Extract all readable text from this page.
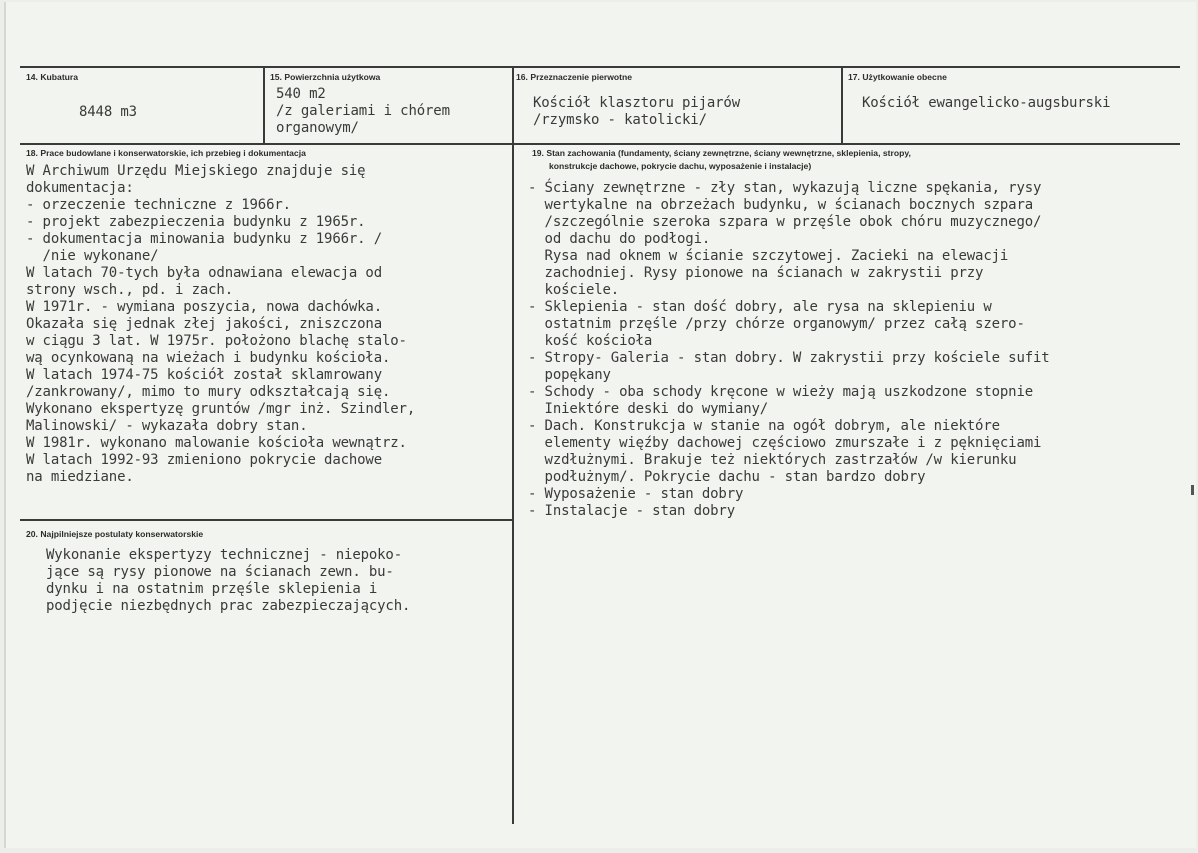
14. Kubatura
8448 m3
15. Powierzchnia użytkowa
540 m2
/z galeriami i chórem
organowym/
16. Przeznaczenie pierwotne
Kościół klasztoru pijarów
/rzymsko - katolicki/
17. Użytkowanie obecne
Kościół ewangelicko-augsburski
18. Prace budowlane i konserwatorskie, ich przebieg i dokumentacja
W Archiwum Urzędu Miejskiego znajduje się
dokumentacja:
- orzeczenie techniczne z 1966r.
- projekt zabezpieczenia budynku z 1965r.
- dokumentacja minowania budynku z 1966r. /
/nie wykonane/
W latach 70-tych była odnawiana elewacja od
strony wsch., pd. i zach.
W 1971r. - wymiana poszycia, nowa dachówka.
Okazała się jednak złej jakości, zniszczona
w ciągu 3 lat. W 1975r. położono blachę stalo-
wą ocynkowaną na wieżach i budynku kościoła.
W latach 1974-75 kościół został sklamrowany
/zankrowany/, mimo to mury odkształcają się.
Wykonano ekspertyzę gruntów /mgr inż. Szindler,
Malinowski/ - wykazała dobry stan.
W 1981r. wykonano malowanie kościoła wewnątrz.
W latach 1992-93 zmieniono pokrycie dachowe
na miedziane.
19. Stan zachowania (fundamenty, ściany zewnętrzne, ściany wewnętrzne, sklepienia, stropy,
konstrukcje dachowe, pokrycie dachu, wyposażenie i instalacje)
- Ściany zewnętrzne - zły stan, wykazują liczne spękania, rysy
wertykalne na obrzeżach budynku, w ścianach bocznych szpara
/szczególnie szeroka szpara w przęśle obok chóru muzycznego/
od dachu do podłogi.
Rysa nad oknem w ścianie szczytowej. Zacieki na elewacji
zachodniej. Rysy pionowe na ścianach w zakrystii przy
kościele.
- Sklepienia - stan dość dobry, ale rysa na sklepieniu w
ostatnim przęśle /przy chórze organowym/ przez całą szero-
kość kościoła
- Stropy- Galeria - stan dobry. W zakrystii przy kościele sufit
popękany
- Schody - oba schody kręcone w wieży mają uszkodzone stopnie
Iniektóre deski do wymiany/
- Dach. Konstrukcja w stanie na ogół dobrym, ale niektóre
elementy więźby dachowej częściowo zmurszałe i z pęknięciami
wzdłużnymi. Brakuje też niektórych zastrzałów /w kierunku
podłużnym/. Pokrycie dachu - stan bardzo dobry
- Wyposażenie - stan dobry
- Instalacje - stan dobry
20. Najpilniejsze postulaty konserwatorskie
Wykonanie ekspertyzy technicznej - niepoko-
jące są rysy pionowe na ścianach zewn. bu-
dynku i na ostatnim przęśle sklepienia i
podjęcie niezbędnych prac zabezpieczających.
